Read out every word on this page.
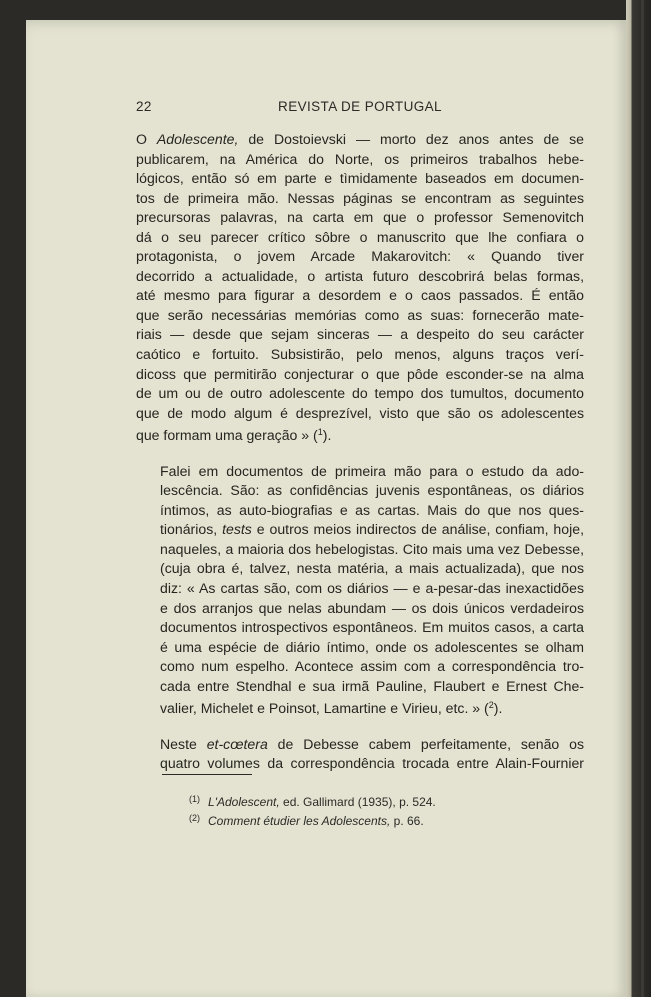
22	REVISTA DE PORTUGAL

O Adolescente, de Dostoievski — morto dez anos antes de se
publicarem, na América do Norte, os primeiros trabalhos hebe-
lógicos, então só em parte e tìmidamente baseados em documen-
tos de primeira mão. Nessas páginas se encontram as seguintes
precursoras palavras, na carta em que o professor Semenovitch
dá o seu parecer crítico sôbre o manuscrito que lhe confiara o
protagonista, o jovem Arcade Makarovitch: « Quando tiver
decorrido a actualidade, o artista futuro descobrirá belas formas,
até mesmo para figurar a desordem e o caos passados. É então
que serão necessárias memórias como as suas: fornecerão mate-
riais — desde que sejam sinceras — a despeito do seu carácter
caótico e fortuito. Subsistirão, pelo menos, alguns traços verí-
dicoss que permitirão conjecturar o que pôde esconder-se na alma
de um ou de outro adolescente do tempo dos tumultos, documento
que de modo algum é desprezível, visto que são os adolescentes
que formam uma geração » ($^1$).

Falei em documentos de primeira mão para o estudo da ado-
lescência. São: as confidências juvenis espontâneas, os diários
íntimos, as auto-biografias e as cartas. Mais do que nos ques-
tionários, tests e outros meios indirectos de análise, confiam, hoje,
naqueles, a maioria dos hebelogistas. Cito mais uma vez Debesse,
(cuja obra é, talvez, nesta matéria, a mais actualizada), que nos
diz: « As cartas são, com os diários — e a-pesar-das inexactidões
e dos arranjos que nelas abundam — os dois únicos verdadeiros
documentos introspectivos espontâneos. Em muitos casos, a carta
é uma espécie de diário íntimo, onde os adolescentes se olham
como num espelho. Acontece assim com a correspondência tro-
cada entre Stendhal e sua irmã Pauline, Flaubert e Ernest Che-
valier, Michelet e Poinsot, Lamartine e Virieu, etc. » ($^2$).

Neste et-cœtera de Debesse cabem perfeitamente, senão os
quatro volumes da correspondência trocada entre Alain-Fournier

$^{(1)}$ L'Adolescent, ed. Gallimard (1935), p. 524.
$^{(2)}$ Comment étudier les Adolescents, p. 66.
